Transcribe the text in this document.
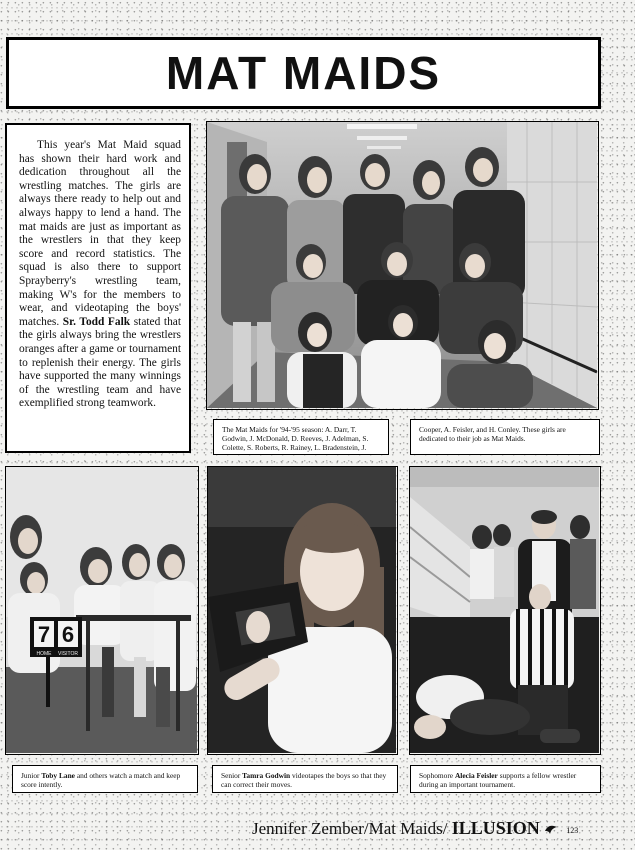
MAT MAIDS

This year's Mat Maid squad has shown their hard work and dedication throughout all the wrestling matches. The girls are always there ready to help out and always happy to lend a hand. The mat maids are just as important as the wrestlers in that they keep score and record statistics. The squad is also there to support Sprayberry's wrestling team, making W's for the members to wear, and videotaping the boys' matches. Sr. Todd Falk stated that the girls always bring the wrestlers oranges after a game or tournament to replenish their energy. The girls have supported the many winnings of the wrestling team and have exemplified strong teamwork.

The Mat Maids for '94-'95 season: A. Darr, T. Godwin, J. McDonald, D. Reeves, J. Adelman, S. Colette, S. Roberts, R. Rainey, L. Bradenstein, J.
Cooper, A. Feisler, and H. Conley. These girls are dedicated to their job as Mat Maids.
7 6
HOME VISITOR
Junior Toby Lane and others watch a match and keep score intently.
Senior Tamra Godwin videotapes the boys so that they can correct their moves.
Sophomore Alecia Feisler supports a fellow wrestler during an important tournament.
Jennifer Zember/Mat Maids/ ILLUSION	123
